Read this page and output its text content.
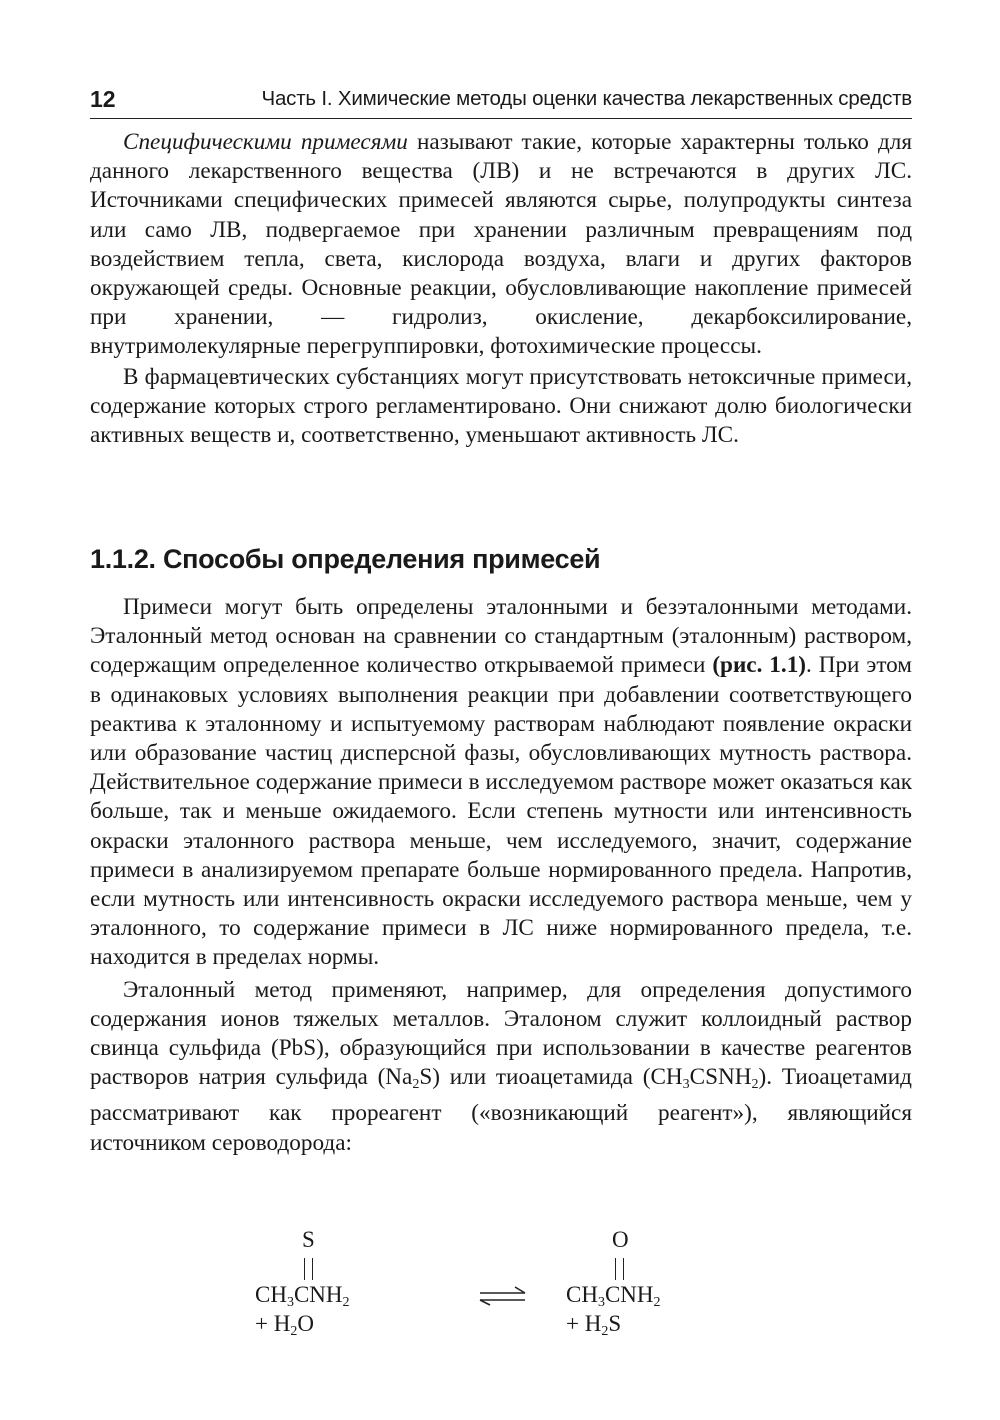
12	Часть I. Химические методы оценки качества лекарственных средств

Специфическими примесями называют такие, которые характерны только для данного лекарственного вещества (ЛВ) и не встречаются в других ЛС. Источниками специфических примесей являются сырье, полупродукты синтеза или само ЛВ, подвергаемое при хранении различным превращениям под воздействием тепла, света, кислорода воздуха, влаги и других факторов окружающей среды. Основные реакции, обусловливающие накопление примесей при хранении, — гидролиз, окисление, декарбоксилирование, внутримолекулярные перегруппировки, фотохимические процессы.

В фармацевтических субстанциях могут присутствовать нетоксичные примеси, содержание которых строго регламентировано. Они снижают долю биологически активных веществ и, соответственно, уменьшают активность ЛС.

1.1.2. Способы определения примесей

Примеси могут быть определены эталонными и безэталонными методами. Эталонный метод основан на сравнении со стандартным (эталонным) раствором, содержащим определенное количество открываемой примеси (рис. 1.1). При этом в одинаковых условиях выполнения реакции при добавлении соответствующего реактива к эталонному и испытуемому растворам наблюдают появление окраски или образование частиц дисперсной фазы, обусловливающих мутность раствора. Действительное содержание примеси в исследуемом растворе может оказаться как больше, так и меньше ожидаемого. Если степень мутности или интенсивность окраски эталонного раствора меньше, чем исследуемого, значит, содержание примеси в анализируемом препарате больше нормированного предела. Напротив, если мутность или интенсивность окраски исследуемого раствора меньше, чем у эталонного, то содержание примеси в ЛС ниже нормированного предела, т.е. находится в пределах нормы.

Эталонный метод применяют, например, для определения допустимого содержания ионов тяжелых металлов. Эталоном служит коллоидный раствор свинца сульфида (PbS), образующийся при использовании в качестве реагентов растворов натрия сульфида $(Na_2S)$ или тиоацетамида $(CH_3CSNH_2)$. Тиоацетамид рассматривают как прореагент («возникающий реагент»), являющийся источником сероводорода:

S
$CH_3CNH_2 + H_2O$
O
$CH_3CNH_2 + H_2S$
